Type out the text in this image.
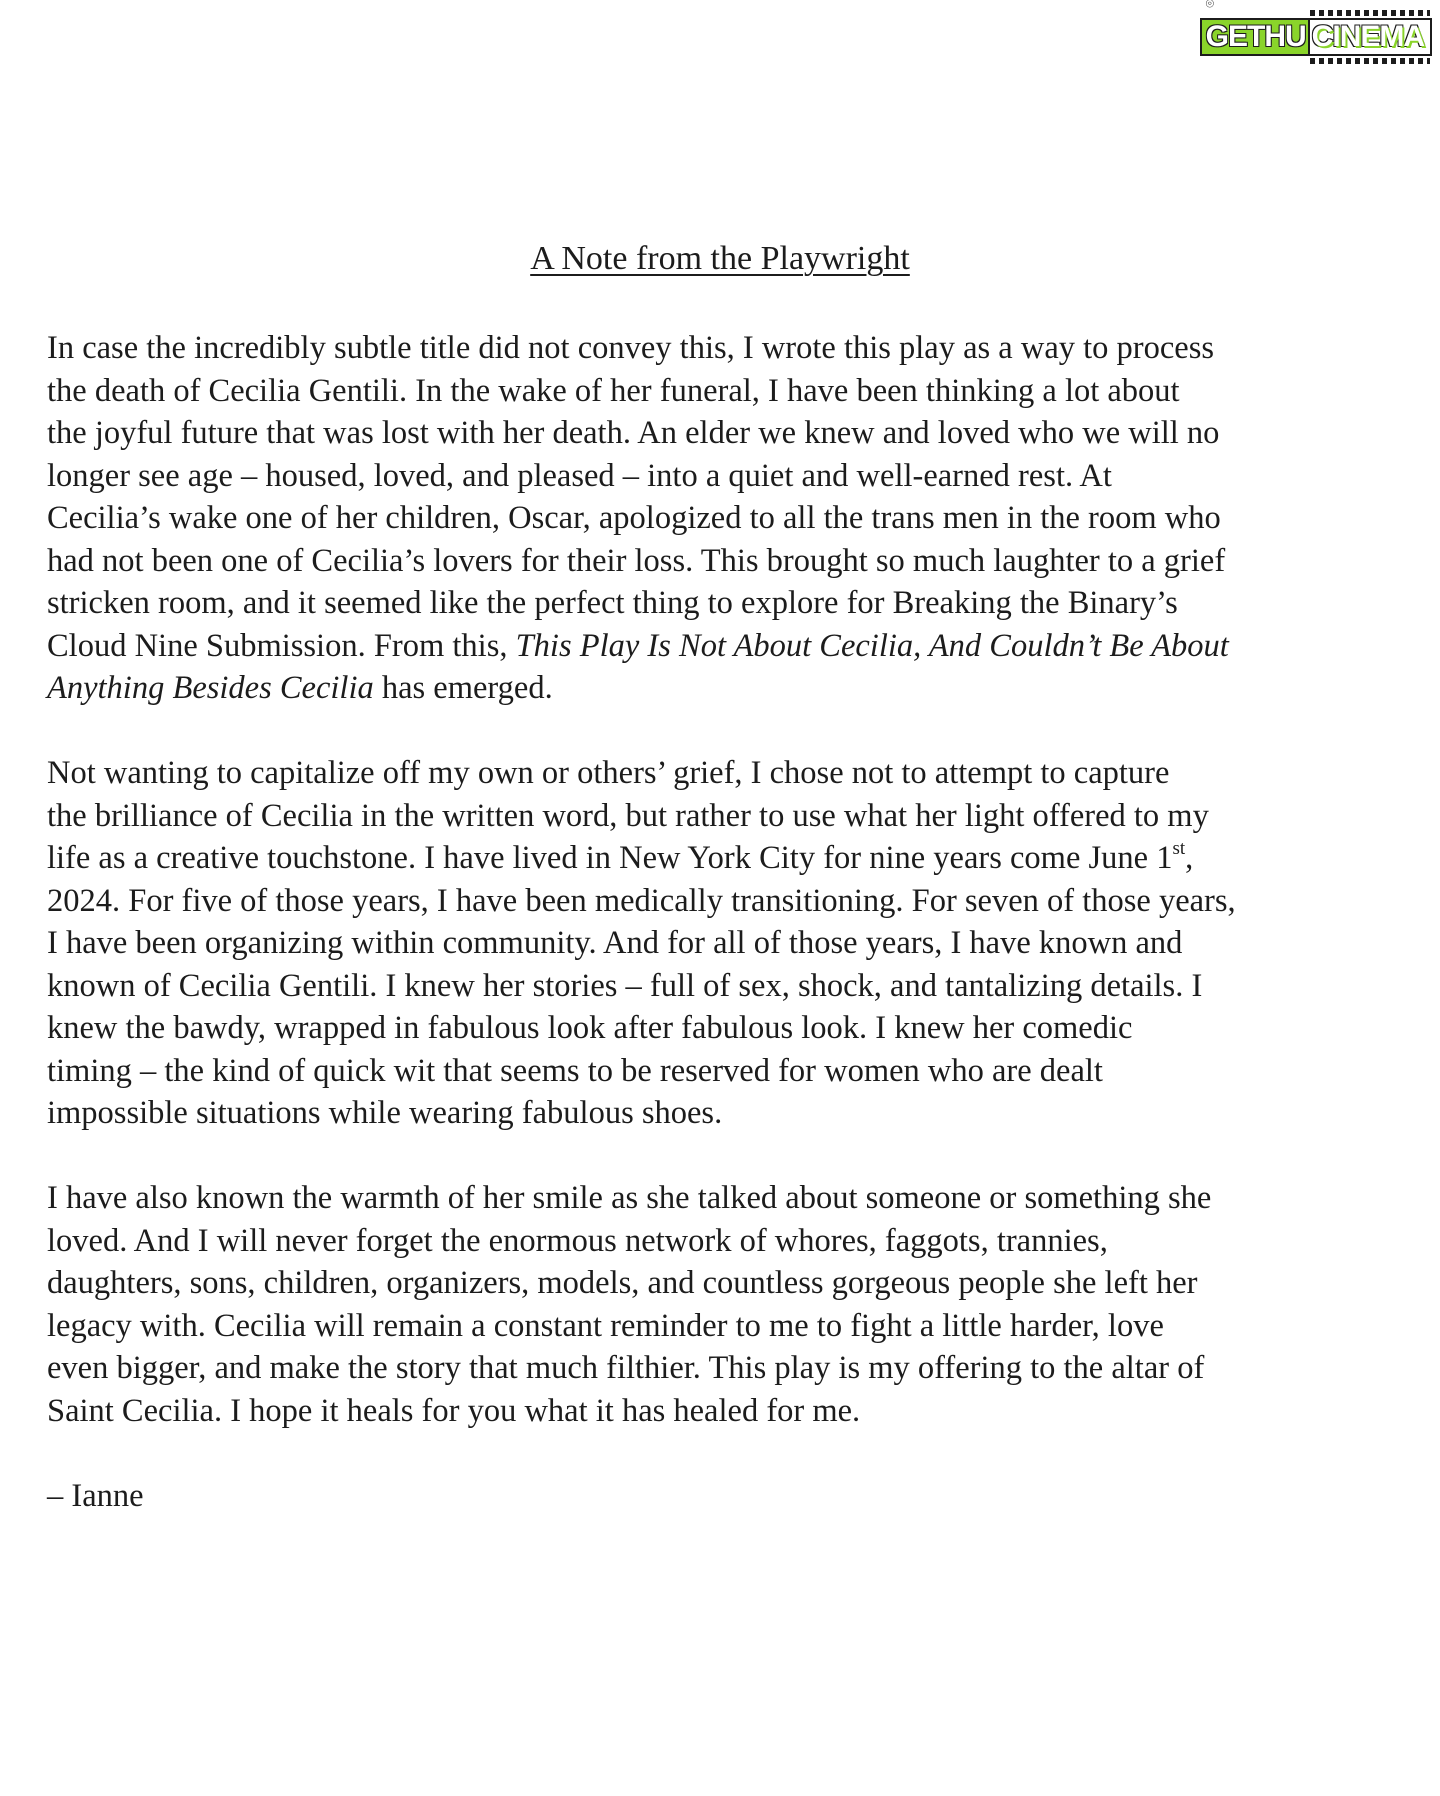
⌾
GETHU CINEMA
A Note from the Playwright
In case the incredibly subtle title did not convey this, I wrote this play as a way to process
the death of Cecilia Gentili. In the wake of her funeral, I have been thinking a lot about
the joyful future that was lost with her death. An elder we knew and loved who we will no
longer see age – housed, loved, and pleased – into a quiet and well-earned rest. At
Cecilia’s wake one of her children, Oscar, apologized to all the trans men in the room who
had not been one of Cecilia’s lovers for their loss. This brought so much laughter to a grief
stricken room, and it seemed like the perfect thing to explore for Breaking the Binary’s
Cloud Nine Submission. From this, This Play Is Not About Cecilia, And Couldn’t Be About
Anything Besides Cecilia has emerged.
Not wanting to capitalize off my own or others’ grief, I chose not to attempt to capture
the brilliance of Cecilia in the written word, but rather to use what her light offered to my
life as a creative touchstone. I have lived in New York City for nine years come June 1st,
2024. For five of those years, I have been medically transitioning. For seven of those years,
I have been organizing within community. And for all of those years, I have known and
known of Cecilia Gentili. I knew her stories – full of sex, shock, and tantalizing details. I
knew the bawdy, wrapped in fabulous look after fabulous look. I knew her comedic
timing – the kind of quick wit that seems to be reserved for women who are dealt
impossible situations while wearing fabulous shoes.
I have also known the warmth of her smile as she talked about someone or something she
loved. And I will never forget the enormous network of whores, faggots, trannies,
daughters, sons, children, organizers, models, and countless gorgeous people she left her
legacy with. Cecilia will remain a constant reminder to me to fight a little harder, love
even bigger, and make the story that much filthier. This play is my offering to the altar of
Saint Cecilia. I hope it heals for you what it has healed for me.
– Ianne
